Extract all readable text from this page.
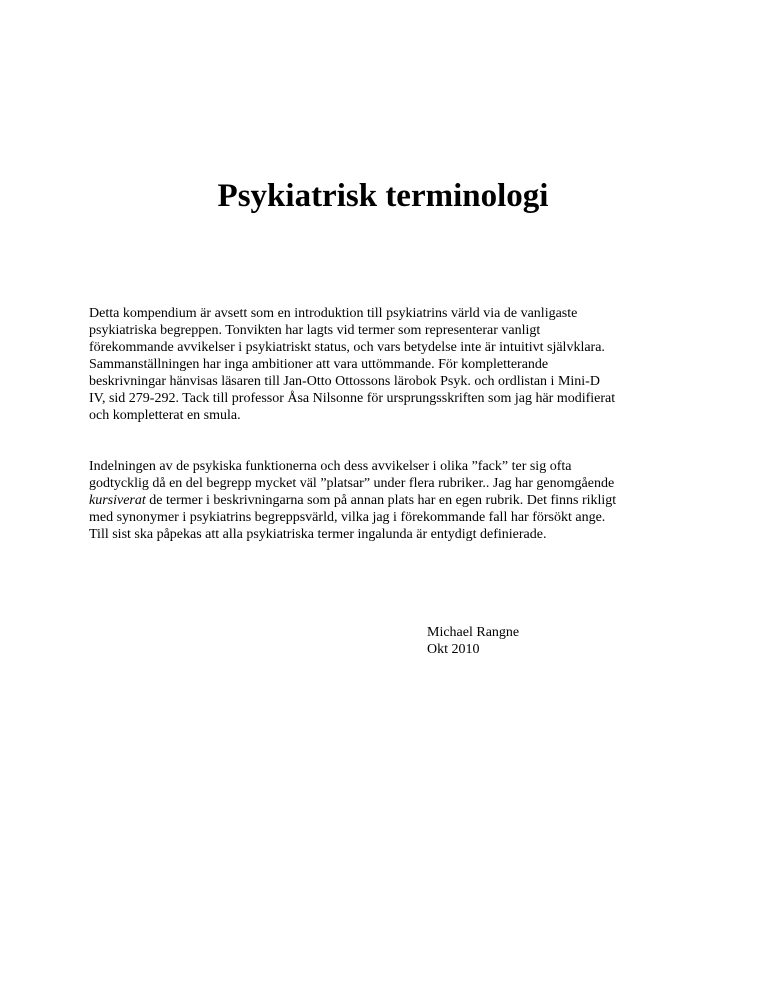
Psykiatrisk terminologi

Detta kompendium är avsett som en introduktion till psykiatrins värld via de vanligaste
psykiatriska begreppen. Tonvikten har lagts vid termer som representerar vanligt
förekommande avvikelser i psykiatriskt status, och vars betydelse inte är intuitivt självklara.
Sammanställningen har inga ambitioner att vara uttömmande. För kompletterande
beskrivningar hänvisas läsaren till Jan-Otto Ottossons lärobok Psyk. och ordlistan i Mini-D
IV, sid 279-292. Tack till professor Åsa Nilsonne för ursprungsskriften som jag här modifierat
och kompletterat en smula.

Indelningen av de psykiska funktionerna och dess avvikelser i olika ”fack” ter sig ofta
godtycklig då en del begrepp mycket väl ”platsar” under flera rubriker.. Jag har genomgående
kursiverat de termer i beskrivningarna som på annan plats har en egen rubrik. Det finns rikligt
med synonymer i psykiatrins begreppsvärld, vilka jag i förekommande fall har försökt ange.
Till sist ska påpekas att alla psykiatriska termer ingalunda är entydigt definierade.

Michael Rangne
Okt 2010
